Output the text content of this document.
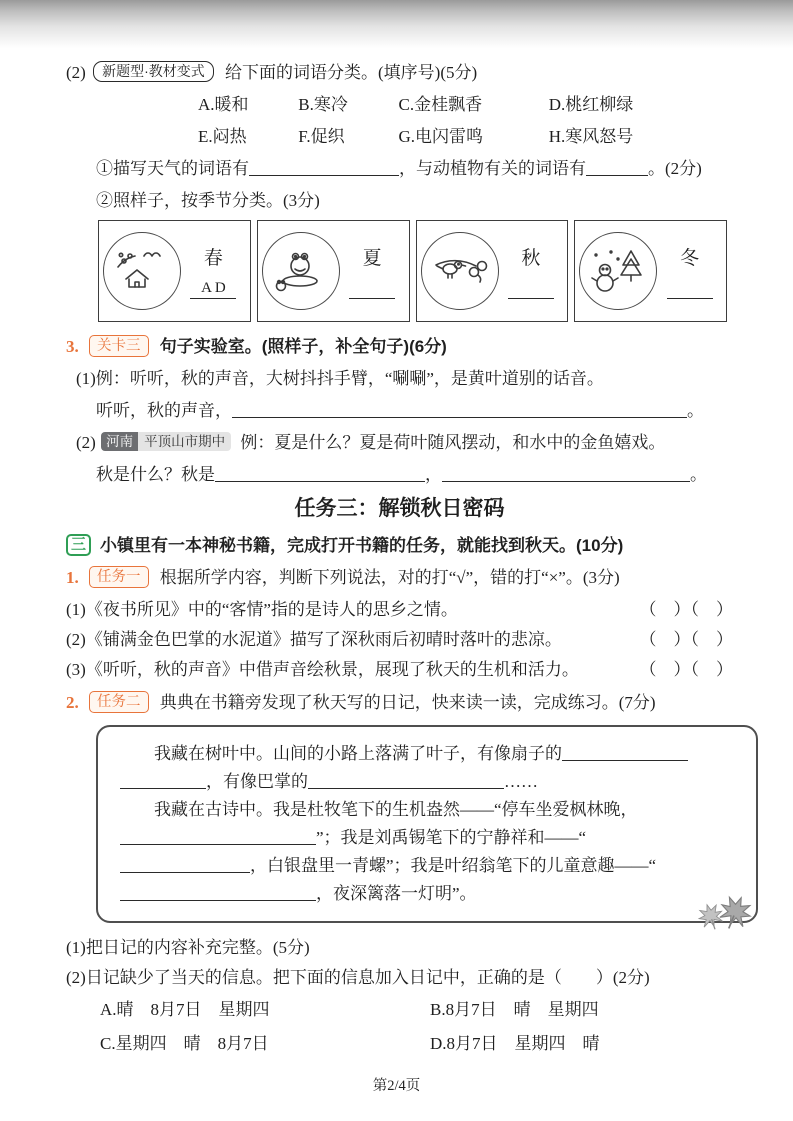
(2) 新题型·教材变式 给下面的词语分类。(填序号)(5分)
A.暖和	B.寒冷	C.金桂飘香	D.桃红柳绿
E.闷热	F.促织	G.电闪雷鸣	H.寒风怒号
①描写天气的词语有	，与动植物有关的词语有	。(2分)
②照样子，按季节分类。(3分)
春
A D
夏	秋	冬
3. 关卡三 句子实验室。(照样子，补全句子)(6分)
(1)例：听听，秋的声音，大树抖抖手臂，“唰唰”，是黄叶道别的话音。
听听，秋的声音，	。
(2) 河南 平顶山市期中 例：夏是什么？夏是荷叶随风摆动，和水中的金鱼嬉戏。
秋是什么？秋是	，	。
任务三：解锁秋日密码
三 小镇里有一本神秘书籍，完成打开书籍的任务，就能找到秋天。(10分)
1. 任务一 根据所学内容，判断下列说法，对的打“√”，错的打“×”。(3分)
(1)《夜书所见》中的“客情”指的是诗人的思乡之情。	（　）（　）
(2)《铺满金色巴掌的水泥道》描写了深秋雨后初晴时落叶的悲凉。	（　）（　）
(3)《听听，秋的声音》中借声音绘秋景，展现了秋天的生机和活力。	（　）（　）
2. 任务二 典典在书籍旁发现了秋天写的日记，快来读一读，完成练习。(7分)
我藏在树叶中。山间的小路上落满了叶子，有像扇子的
，有像巴掌的	……
我藏在古诗中。我是杜牧笔下的生机盎然——“停车坐爱枫林晚，
”；我是刘禹锡笔下的宁静祥和——“
，白银盘里一青螺”；我是叶绍翁笔下的儿童意趣——“
，夜深篱落一灯明”。

(1)把日记的内容补充完整。(5分)
(2)日记缺少了当天的信息。把下面的信息加入日记中，正确的是（　　）(2分)
A.晴　8月7日　星期四	B.8月7日　晴　星期四
C.星期四　晴　8月7日	D.8月7日　星期四　晴
第2/4页
